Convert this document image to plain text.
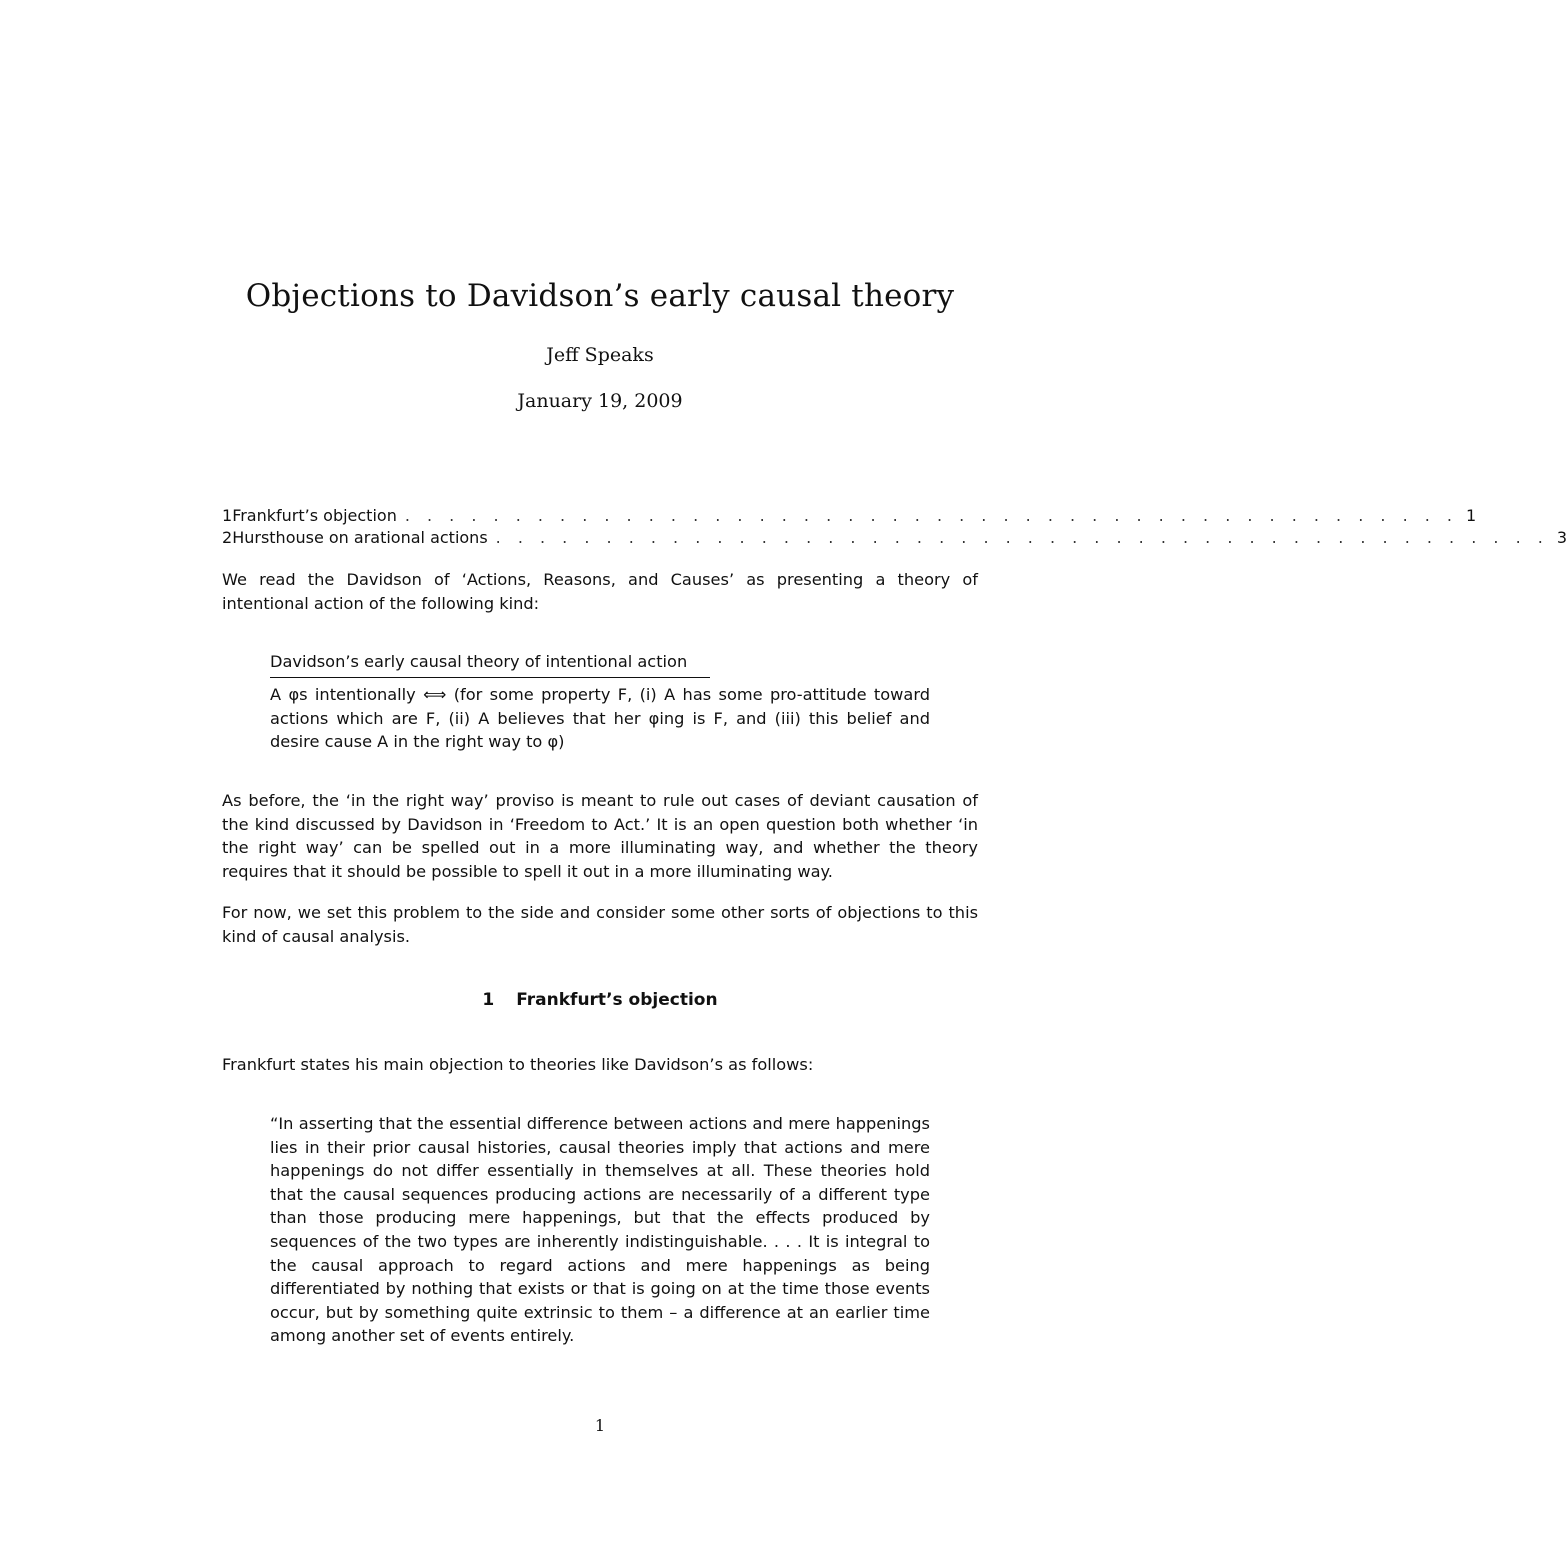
Objections to Davidson’s early causal theory
Jeff Speaks
January 19, 2009
1 Frankfurt’s objection . . . . . . . . . . . . . . . . . . . . . . . . . . . . . . . . . . . . . . . . . . . . . . . . 1
2 Hursthouse on arational actions . . . . . . . . . . . . . . . . . . . . . . . . . . . . . . . . . . . . . . . . . . . . . . . . 3
We read the Davidson of ‘Actions, Reasons, and Causes’ as presenting a theory of intentional action of the following kind:
Davidson’s early causal theory of intentional action
A φs intentionally ⟺ (for some property F, (i) A has some pro-attitude toward actions which are F, (ii) A believes that her φing is F, and (iii) this belief and desire cause A in the right way to φ)
As before, the ‘in the right way’ proviso is meant to rule out cases of deviant causation of the kind discussed by Davidson in ‘Freedom to Act.’ It is an open question both whether ‘in the right way’ can be spelled out in a more illuminating way, and whether the theory requires that it should be possible to spell it out in a more illuminating way.
For now, we set this problem to the side and consider some other sorts of objections to this kind of causal analysis.
1 Frankfurt’s objection
Frankfurt states his main objection to theories like Davidson’s as follows:
“In asserting that the essential difference between actions and mere happenings lies in their prior causal histories, causal theories imply that actions and mere happenings do not differ essentially in themselves at all. These theories hold that the causal sequences producing actions are necessarily of a different type than those producing mere happenings, but that the effects produced by sequences of the two types are inherently indistinguishable. . . . It is integral to the causal approach to regard actions and mere happenings as being differentiated by nothing that exists or that is going on at the time those events occur, but by something quite extrinsic to them – a difference at an earlier time among another set of events entirely.
1
